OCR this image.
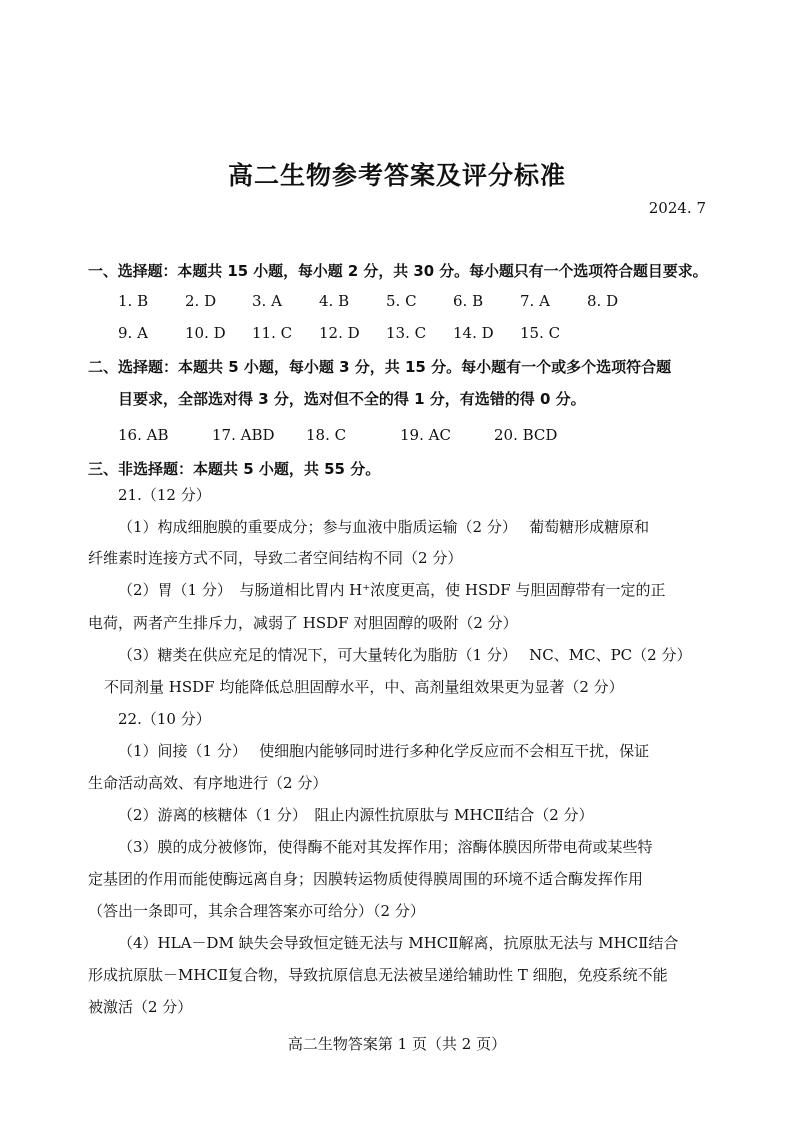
高二生物参考答案及评分标准
2024. 7
一、选择题：本题共 15 小题，每小题 2 分，共 30 分。每小题只有一个选项符合题目要求。
1. B 2. D 3. A 4. B 5. C 6. B 7. A 8. D
9. A 10. D 11. C 12. D 13. C 14. D 15. C
二、选择题：本题共 5 小题，每小题 3 分，共 15 分。每小题有一个或多个选项符合题
目要求，全部选对得 3 分，选对但不全的得 1 分，有选错的得 0 分。
16. AB	17. ABD 18. C	19. AC	20. BCD
三、非选择题：本题共 5 小题，共 55 分。
21.（12 分）
（1）构成细胞膜的重要成分；参与血液中脂质运输（2 分）　 葡萄糖形成糖原和
纤维素时连接方式不同，导致二者空间结构不同（2 分）
（2）胃（1 分）　与肠道相比胃内 H⁺浓度更高，使 HSDF 与胆固醇带有一定的正
电荷，两者产生排斥力，减弱了 HSDF 对胆固醇的吸附（2 分）
（3）糖类在供应充足的情况下，可大量转化为脂肪（1 分）　 NC、MC、PC（2 分）
不同剂量 HSDF 均能降低总胆固醇水平，中、高剂量组效果更为显著（2 分）
22.（10 分）
（1）间接（1 分）　 使细胞内能够同时进行多种化学反应而不会相互干扰，保证
生命活动高效、有序地进行（2 分）
（2）游离的核糖体（1 分）　阻止内源性抗原肽与 MHCⅡ结合（2 分）
（3）膜的成分被修饰，使得酶不能对其发挥作用；溶酶体膜因所带电荷或某些特
定基团的作用而能使酶远离自身；因膜转运物质使得膜周围的环境不适合酶发挥作用
（答出一条即可，其余合理答案亦可给分）（2 分）
（4）HLA－DM 缺失会导致恒定链无法与 MHCⅡ解离，抗原肽无法与 MHCⅡ结合
形成抗原肽－MHCⅡ复合物，导致抗原信息无法被呈递给辅助性 T 细胞，免疫系统不能
被激活（2 分）
高二生物答案第 1 页（共 2 页）
